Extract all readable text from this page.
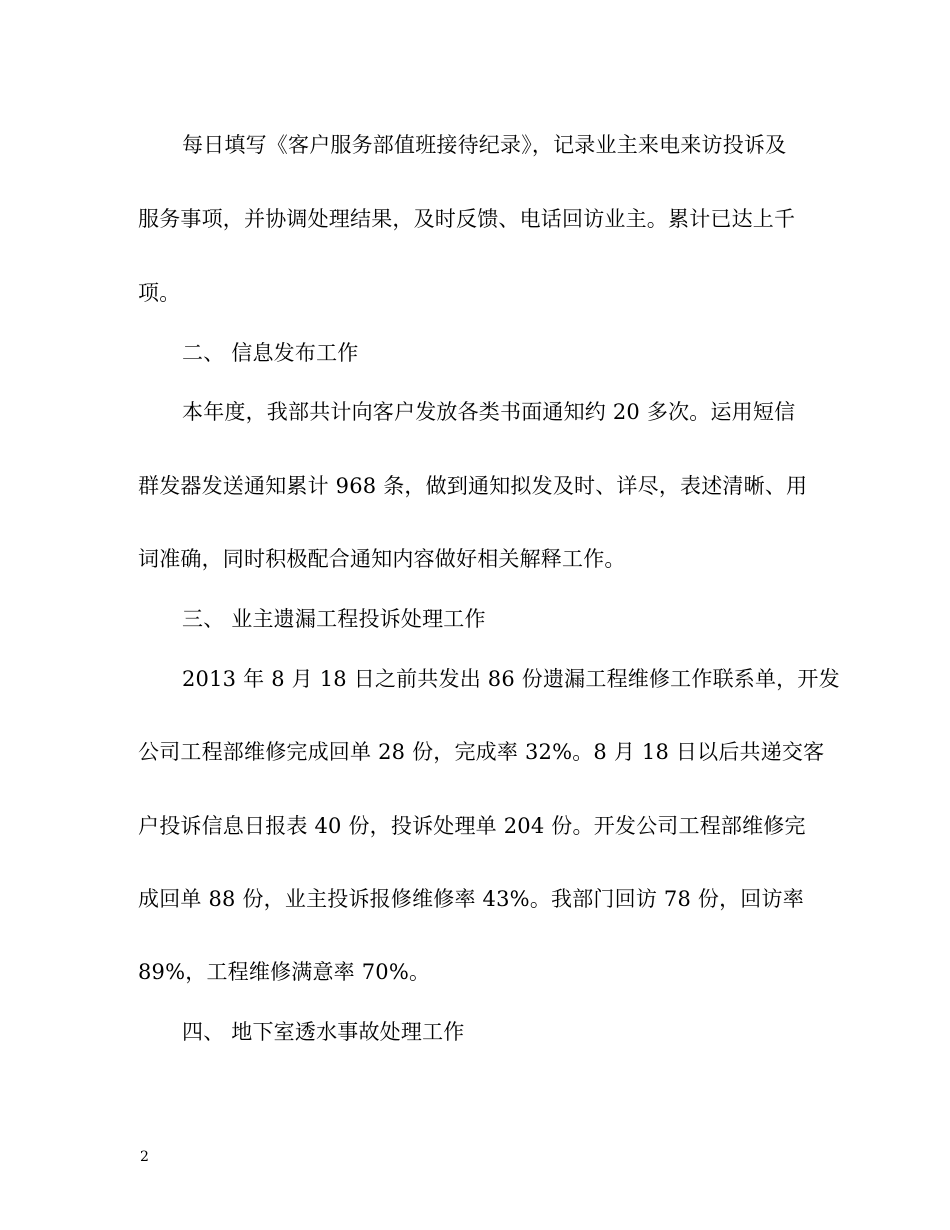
每日填写《客户服务部值班接待纪录》，记录业主来电来访投诉及
服务事项，并协调处理结果，及时反馈、电话回访业主。累计已达上千
项。
二、 信息发布工作
本年度，我部共计向客户发放各类书面通知约 20 多次。运用短信
群发器发送通知累计 968 条，做到通知拟发及时、详尽，表述清晰、用
词准确，同时积极配合通知内容做好相关解释工作。
三、 业主遗漏工程投诉处理工作
2013 年 8 月 18 日之前共发出 86 份遗漏工程维修工作联系单，开发
公司工程部维修完成回单 28 份，完成率 32%。8 月 18 日以后共递交客
户投诉信息日报表 40 份，投诉处理单 204 份。开发公司工程部维修完
成回单 88 份，业主投诉报修维修率 43%。我部门回访 78 份，回访率
89%，工程维修满意率 70%。
四、 地下室透水事故处理工作
2
